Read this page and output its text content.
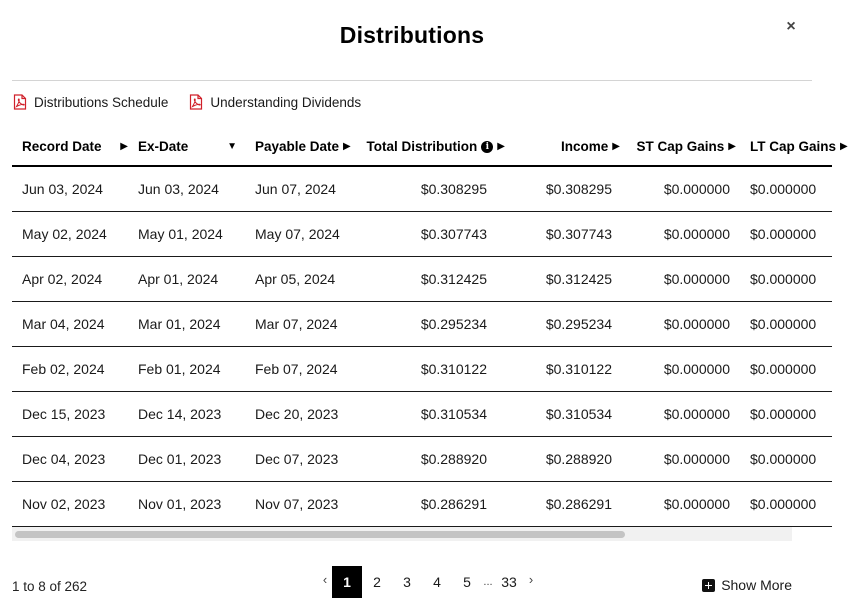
Distributions	×
Distributions Schedule	Understanding Dividends
Record Date ▶	Ex-Date ▼	Payable Date ▶	Total Distribution i ▶	Income ▶	ST Cap Gains ▶	LT Cap Gains ▶

Jun 03, 2024	Jun 03, 2024	Jun 07, 2024	$0.308295	$0.308295	$0.000000	$0.000000
May 02, 2024	May 01, 2024	May 07, 2024	$0.307743	$0.307743	$0.000000	$0.000000
Apr 02, 2024	Apr 01, 2024	Apr 05, 2024	$0.312425	$0.312425	$0.000000	$0.000000
Mar 04, 2024	Mar 01, 2024	Mar 07, 2024	$0.295234	$0.295234	$0.000000	$0.000000
Feb 02, 2024	Feb 01, 2024	Feb 07, 2024	$0.310122	$0.310122	$0.000000	$0.000000
Dec 15, 2023	Dec 14, 2023	Dec 20, 2023	$0.310534	$0.310534	$0.000000	$0.000000
Dec 04, 2023	Dec 01, 2023	Dec 07, 2023	$0.288920	$0.288920	$0.000000	$0.000000
Nov 02, 2023	Nov 01, 2023	Nov 07, 2023	$0.286291	$0.286291	$0.000000	$0.000000
1 to 8 of 262	‹	1	2	3	4	5	... 33 ›	Show More
